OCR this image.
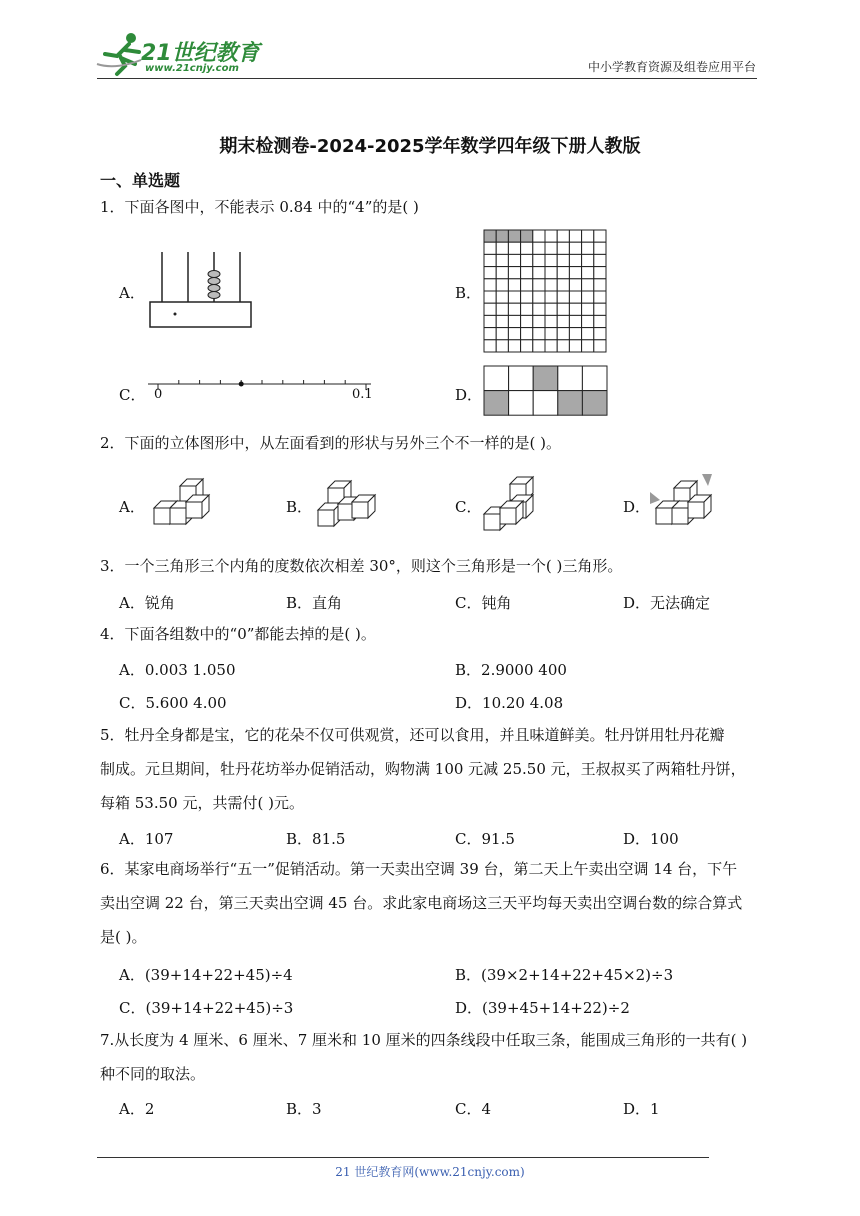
21世纪教育
www.21cnjy.com	中小学教育资源及组卷应用平台
期末检测卷-2024-2025学年数学四年级下册人教版
一、单选题
1．下面各图中，不能表示 0.84 中的“4”的是( )
A．	B．
C． 0	0.1	D．
2．下面的立体图形中，从左面看到的形状与另外三个不一样的是( )。
A．	B．	C．	D．
3．一个三角形三个内角的度数依次相差 30°，则这个三角形是一个( )三角形。
A．锐角	B．直角	C．钝角	D．无法确定
4．下面各组数中的“0”都能去掉的是( )。
A．0.003 1.050	B．2.9000 400
C．5.600 4.00	D．10.20 4.08
5．牡丹全身都是宝，它的花朵不仅可供观赏，还可以食用，并且味道鲜美。牡丹饼用牡丹花瓣
制成。元旦期间，牡丹花坊举办促销活动，购物满 100 元减 25.50 元，王叔叔买了两箱牡丹饼，
每箱 53.50 元，共需付( )元。
A．107	B．81.5	C．91.5	D．100
6．某家电商场举行“五一”促销活动。第一天卖出空调 39 台，第二天上午卖出空调 14 台，下午
卖出空调 22 台，第三天卖出空调 45 台。求此家电商场这三天平均每天卖出空调台数的综合算式
是( )。
A．(39+14+22+45)÷4	B．(39×2+14+22+45×2)÷3
C．(39+14+22+45)÷3	D．(39+45+14+22)÷2
7.从长度为 4 厘米、6 厘米、7 厘米和 10 厘米的四条线段中任取三条，能围成三角形的一共有( )
种不同的取法。
A．2	B．3	C．4	D．1
21 世纪教育网(www.21cnjy.com)
